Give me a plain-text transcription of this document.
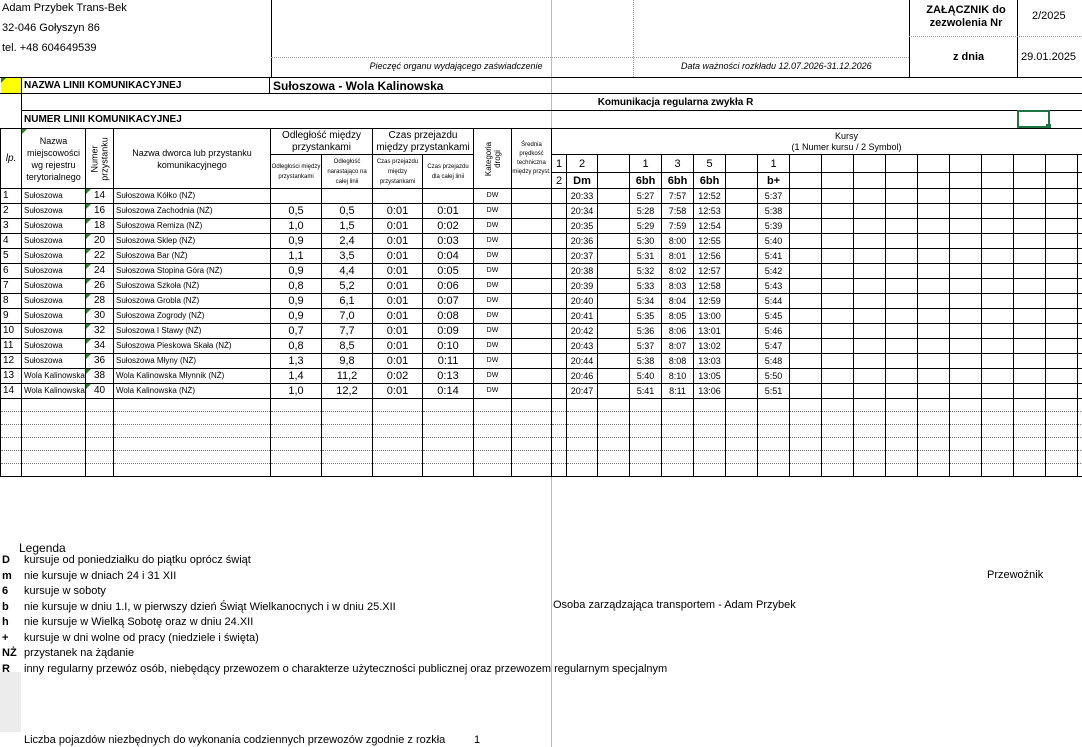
Adam Przybek Trans-Bek
32-046 Gołyszyn 86
tel. +48 604649539
Pieczęć organu wydającego zaświadczenie	Data ważności rozkładu 12.07.2026-31.12.2026
ZAŁĄCZNIK do zezwolenia Nr
2/2025
z dnia	29.01.2025
NAZWA LINII KOMUNIKACYJNEJ	Sułoszowa - Wola Kalinowska
Komunikacja regularna zwykła R
NUMER LINII KOMUNIKACYJNEJ
lp.	Nazwa miejscowości wg rejestru terytorialnego	Numer przystanku	Nazwa dworca lub przystanku komunikacyjnego	Odległość między przystankami		Czas przejazdu między przystankami		Kategoria drogi	Średnia prędkość techniczna między przyst.	Kursy
(1 Numer kursu / 2 Symbol)																			

				Odległości między przystankami	Odległość narastająco na całej linii	Czas przejazdu między przystankami	Czas przejazdu dla całej linii			1	2		1	3	5		1												
										2	Dm		6bh	6bh	6bh		b+												
1	Sułoszowa	14	Sułoszowa Kółko (NŻ)					DW			20:33		5:27	7:57	12:52		5:37												
2	Sułoszowa	16	Sułoszowa Zachodnia (NŻ)	0,5	0,5	0:01	0:01	DW			20:34		5:28	7:58	12:53		5:38												
3	Sułoszowa	18	Sułoszowa Remiza (NŻ)	1,0	1,5	0:01	0:02	DW			20:35		5:29	7:59	12:54		5:39												
4	Sułoszowa	20	Sułoszowa Sklep (NŻ)	0,9	2,4	0:01	0:03	DW			20:36		5:30	8:00	12:55		5:40												
5	Sułoszowa	22	Sułoszowa Bar (NŻ)	1,1	3,5	0:01	0:04	DW			20:37		5:31	8:01	12:56		5:41												
6	Sułoszowa	24	Sułoszowa Stopina Góra (NŻ)	0,9	4,4	0:01	0:05	DW			20:38		5:32	8:02	12:57		5:42												
7	Sułoszowa	26	Sułoszowa Szkoła (NŻ)	0,8	5,2	0:01	0:06	DW			20:39		5:33	8:03	12:58		5:43												
8	Sułoszowa	28	Sułoszowa Grobla (NŻ)	0,9	6,1	0:01	0:07	DW			20:40		5:34	8:04	12:59		5:44												
9	Sułoszowa	30	Sułoszowa Zogrody (NŻ)	0,9	7,0	0:01	0:08	DW			20:41		5:35	8:05	13:00		5:45												
10	Sułoszowa	32	Sułoszowa I Stawy (NŻ)	0,7	7,7	0:01	0:09	DW			20:42		5:36	8:06	13:01		5:46												
11	Sułoszowa	34	Sułoszowa Pieskowa Skała (NŻ)	0,8	8,5	0:01	0:10	DW			20:43		5:37	8:07	13:02		5:47												
12	Sułoszowa	36	Sułoszowa Młyny (NŻ)	1,3	9,8	0:01	0:11	DW			20:44		5:38	8:08	13:03		5:48												
13	Wola Kalinowska	38	Wola Kalinowska Młynnik (NŻ)	1,4	11,2	0:02	0:13	DW			20:46		5:40	8:10	13:05		5:50												
14	Wola Kalinowska	40	Wola Kalinowska (NŻ)	1,0	12,2	0:01	0:14	DW			20:47		5:41	8:11	13:06		5:51												

Legenda
D kursuje od poniedziałku do piątku oprócz świąt
m nie kursuje w dniach 24 i 31 XII
6 kursuje w soboty
b nie kursuje w dniu 1.I, w pierwszy dzień Świąt Wielkanocnych i w dniu 25.XII
h nie kursuje w Wielką Sobotę oraz w dniu 24.XII
+ kursuje w dni wolne od pracy (niedziele i święta)
NŻ przystanek na żądanie
R inny regularny przewóz osób, niebędący przewozem o charakterze użyteczności publicznej oraz przewozem regularnym specjalnym
Liczba pojazdów niezbędnych do wykonania codziennych przewozów zgodnie z rozkła	1
Przewoźnik
Osoba zarządzająca transportem - Adam Przybek
